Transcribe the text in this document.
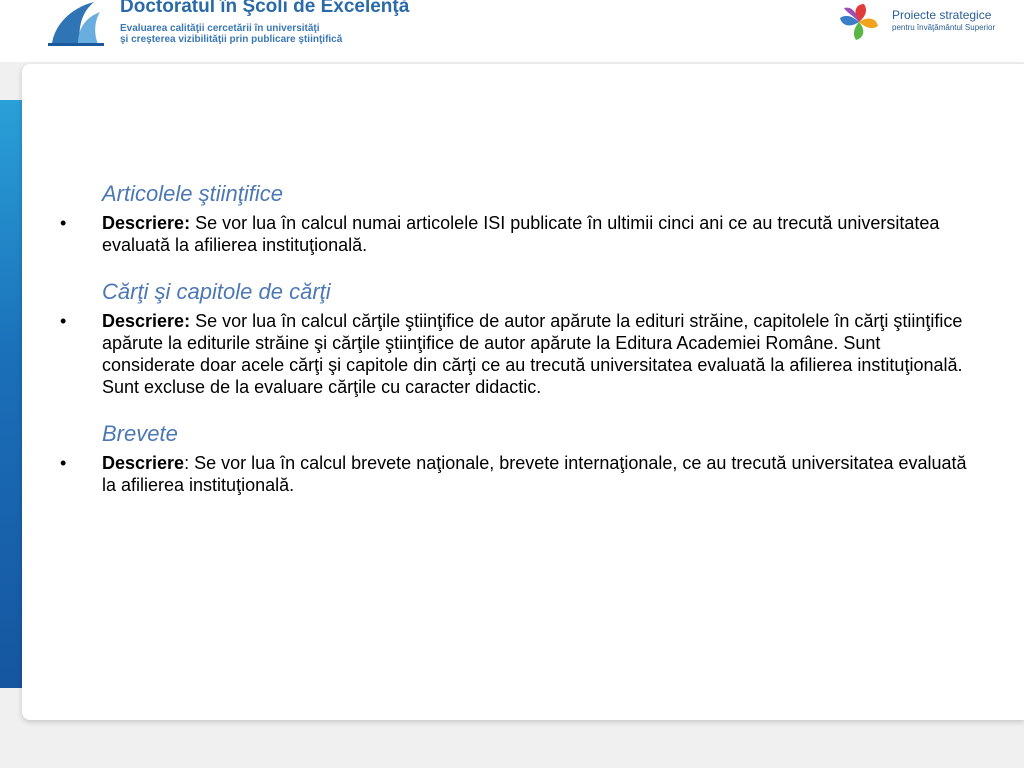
Doctoratul în Şcoli de Excelenţă
Evaluarea calităţii cercetării în universităţi
şi creşterea vizibilităţii prin publicare ştiinţifică
Proiecte strategice
pentru învăţământul Superior
Articolele ştiinţifice
•	Descriere: Se vor lua în calcul numai articolele ISI publicate în ultimii cinci ani ce au trecută universitatea evaluată la afilierea instituţională.
Cărţi şi capitole de cărţi
•	Descriere: Se vor lua în calcul cărţile ştiinţifice de autor apărute la edituri străine, capitolele în cărţi ştiinţifice apărute la editurile străine şi cărţile ştiinţifice de autor apărute la Editura Academiei Române. Sunt considerate doar acele cărţi şi capitole din cărţi ce au trecută universitatea evaluată la afilierea instituţională. Sunt excluse de la evaluare cărţile cu caracter didactic.
Brevete
•	Descriere: Se vor lua în calcul brevete naţionale, brevete internaţionale, ce au trecută universitatea evaluată la afilierea instituţională.
